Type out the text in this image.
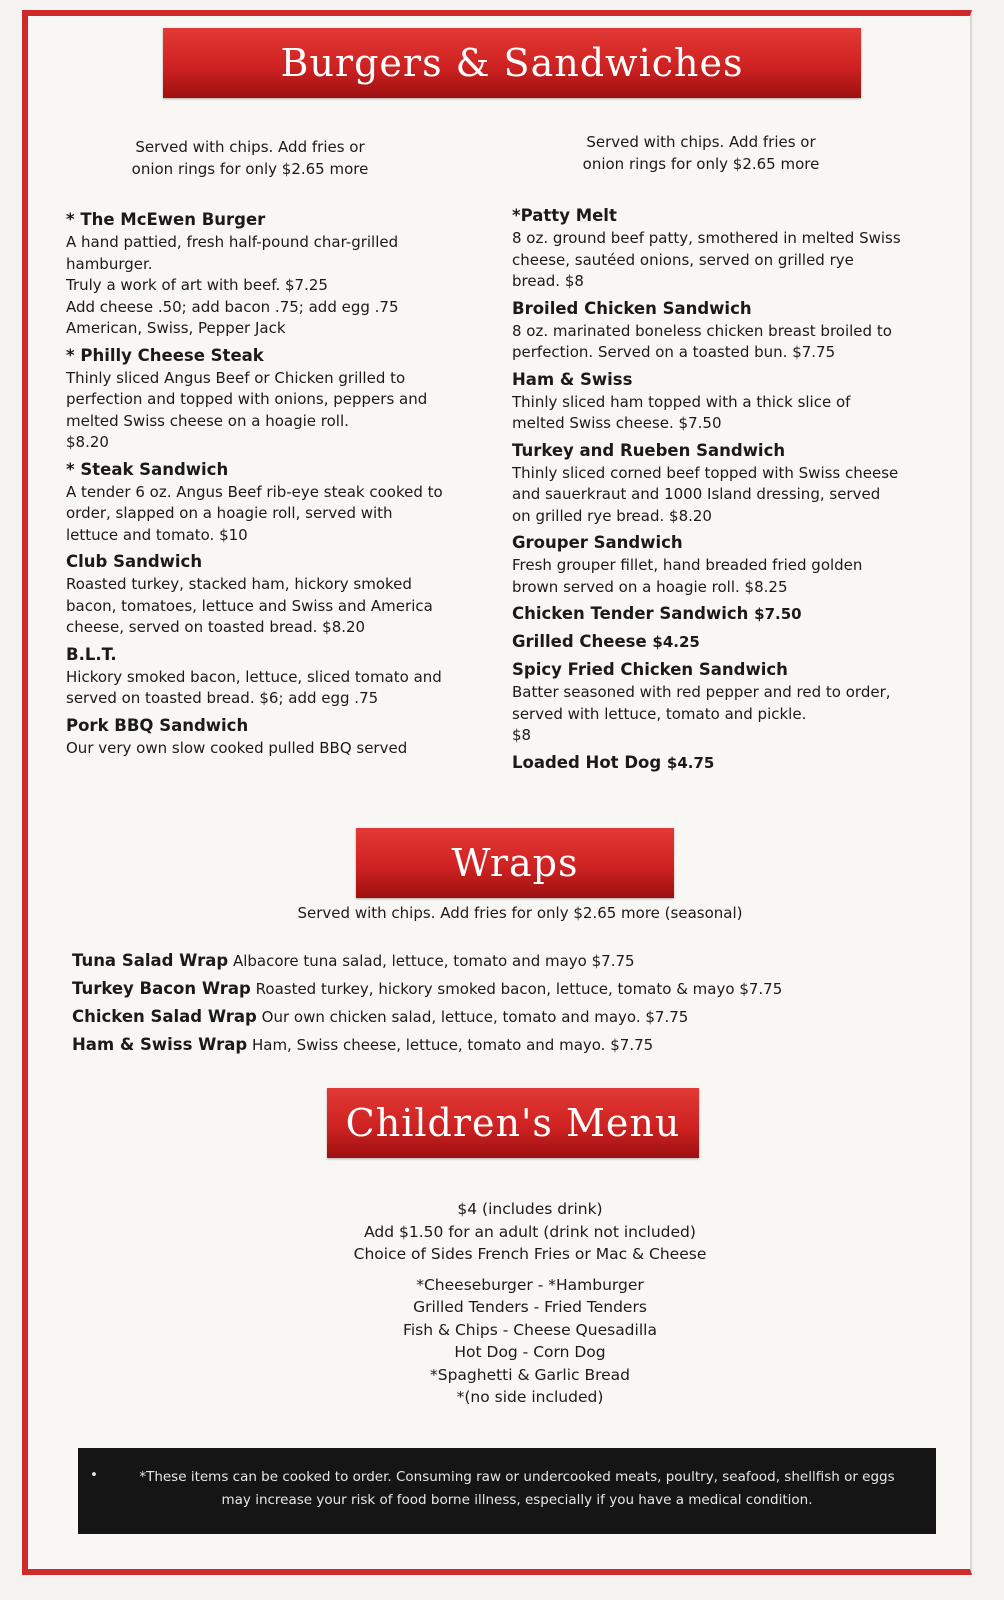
Burgers & Sandwiches
Served with chips. Add fries or onion rings for only $2.65 more
Served with chips. Add fries or onion rings for only $2.65 more
* The McEwen Burger
A hand pattied, fresh half-pound char-grilled hamburger.
Truly a work of art with beef. $7.25
Add cheese .50; add bacon .75; add egg .75
American, Swiss, Pepper Jack
* Philly Cheese Steak
Thinly sliced Angus Beef or Chicken grilled to perfection and topped with onions, peppers and melted Swiss cheese on a hoagie roll.
$8.20
* Steak Sandwich
A tender 6 oz. Angus Beef rib-eye steak cooked to order, slapped on a hoagie roll, served with lettuce and tomato. $10
Club Sandwich
Roasted turkey, stacked ham, hickory smoked bacon, tomatoes, lettuce and Swiss and America cheese, served on toasted bread. $8.20
B.L.T.
Hickory smoked bacon, lettuce, sliced tomato and served on toasted bread. $6; add egg .75
Pork BBQ Sandwich
Our very own slow cooked pulled BBQ served
*Patty Melt
8 oz. ground beef patty, smothered in melted Swiss cheese, sautéed onions, served on grilled rye bread. $8
Broiled Chicken Sandwich
8 oz. marinated boneless chicken breast broiled to perfection. Served on a toasted bun. $7.75
Ham & Swiss
Thinly sliced ham topped with a thick slice of melted Swiss cheese. $7.50
Turkey and Rueben Sandwich
Thinly sliced corned beef topped with Swiss cheese and sauerkraut and 1000 Island dressing, served on grilled rye bread. $8.20
Grouper Sandwich
Fresh grouper fillet, hand breaded fried golden brown served on a hoagie roll. $8.25
Chicken Tender Sandwich $7.50
Grilled Cheese $4.25
Spicy Fried Chicken Sandwich
Batter seasoned with red pepper and red to order, served with lettuce, tomato and pickle.
$8
Loaded Hot Dog $4.75
Wraps
Served with chips. Add fries for only $2.65 more (seasonal)
Tuna Salad Wrap Albacore tuna salad, lettuce, tomato and mayo $7.75
Turkey Bacon Wrap Roasted turkey, hickory smoked bacon, lettuce, tomato & mayo $7.75
Chicken Salad Wrap Our own chicken salad, lettuce, tomato and mayo. $7.75
Ham & Swiss Wrap Ham, Swiss cheese, lettuce, tomato and mayo. $7.75
Children's Menu
$4 (includes drink)
Add $1.50 for an adult (drink not included)
Choice of Sides French Fries or Mac & Cheese
*Cheeseburger - *Hamburger
Grilled Tenders - Fried Tenders
Fish & Chips - Cheese Quesadilla
Hot Dog - Corn Dog
*Spaghetti & Garlic Bread
*(no side included)
•	*These items can be cooked to order. Consuming raw or undercooked meats, poultry, seafood, shellfish or eggs
may increase your risk of food borne illness, especially if you have a medical condition.
